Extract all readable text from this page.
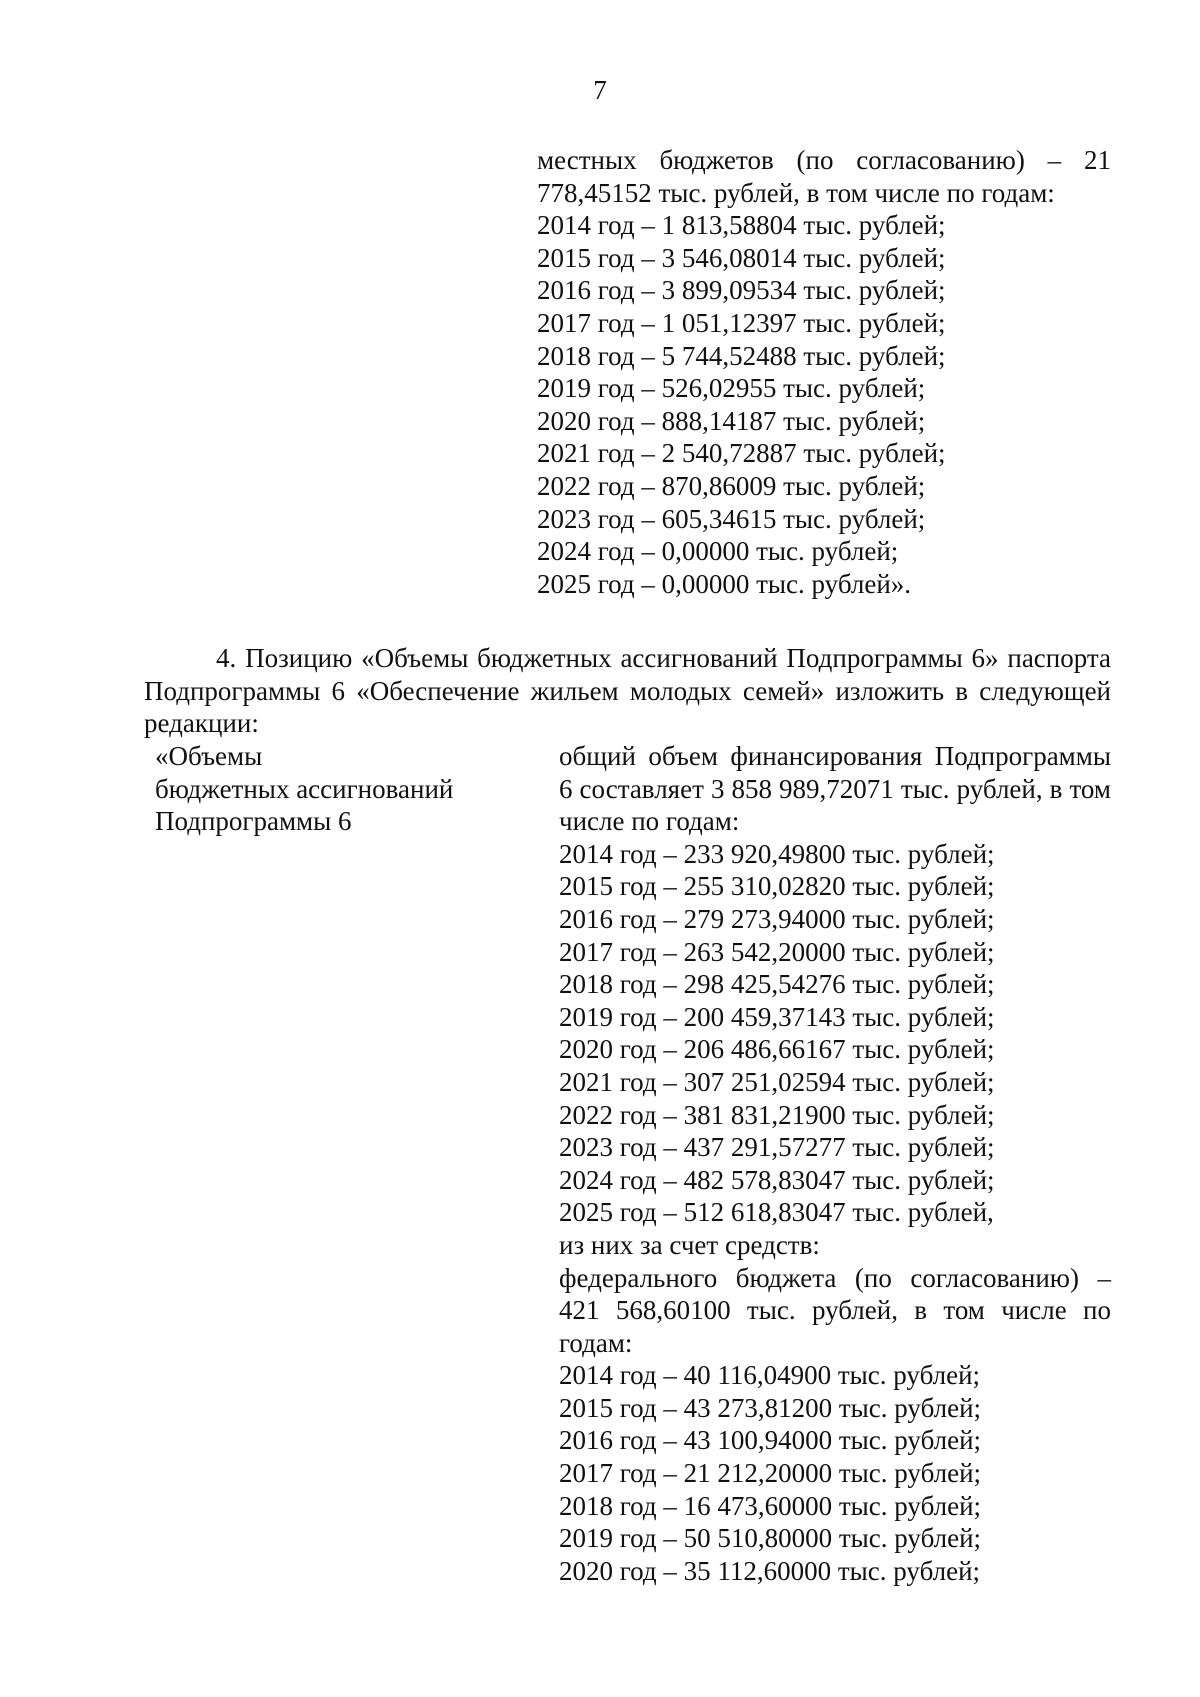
7
местных бюджетов (по согласованию) – 21 778,45152 тыс. рублей, в том числе по годам:
2014 год – 1 813,58804 тыс. рублей;
2015 год – 3 546,08014 тыс. рублей;
2016 год – 3 899,09534 тыс. рублей;
2017 год – 1 051,12397 тыс. рублей;
2018 год – 5 744,52488 тыс. рублей;
2019 год – 526,02955 тыс. рублей;
2020 год – 888,14187 тыс. рублей;
2021 год – 2 540,72887 тыс. рублей;
2022 год – 870,86009 тыс. рублей;
2023 год – 605,34615 тыс. рублей;
2024 год – 0,00000 тыс. рублей;
2025 год – 0,00000 тыс. рублей».
4. Позицию «Объемы бюджетных ассигнований Подпрограммы 6» паспорта Подпрограммы 6 «Обеспечение жильем молодых семей» изложить в следующей редакции:
«Объемы
бюджетных ассигнований
Подпрограммы 6
общий объем финансирования Подпрограммы 6 составляет 3 858 989,72071 тыс. рублей, в том числе по годам:
2014 год – 233 920,49800 тыс. рублей;
2015 год – 255 310,02820 тыс. рублей;
2016 год – 279 273,94000 тыс. рублей;
2017 год – 263 542,20000 тыс. рублей;
2018 год – 298 425,54276 тыс. рублей;
2019 год – 200 459,37143 тыс. рублей;
2020 год – 206 486,66167 тыс. рублей;
2021 год – 307 251,02594 тыс. рублей;
2022 год – 381 831,21900 тыс. рублей;
2023 год – 437 291,57277 тыс. рублей;
2024 год – 482 578,83047 тыс. рублей;
2025 год – 512 618,83047 тыс. рублей,
из них за счет средств:
федерального бюджета (по согласованию) – 421 568,60100 тыс. рублей, в том числе по годам:
2014 год – 40 116,04900 тыс. рублей;
2015 год – 43 273,81200 тыс. рублей;
2016 год – 43 100,94000 тыс. рублей;
2017 год – 21 212,20000 тыс. рублей;
2018 год – 16 473,60000 тыс. рублей;
2019 год – 50 510,80000 тыс. рублей;
2020 год – 35 112,60000 тыс. рублей;
